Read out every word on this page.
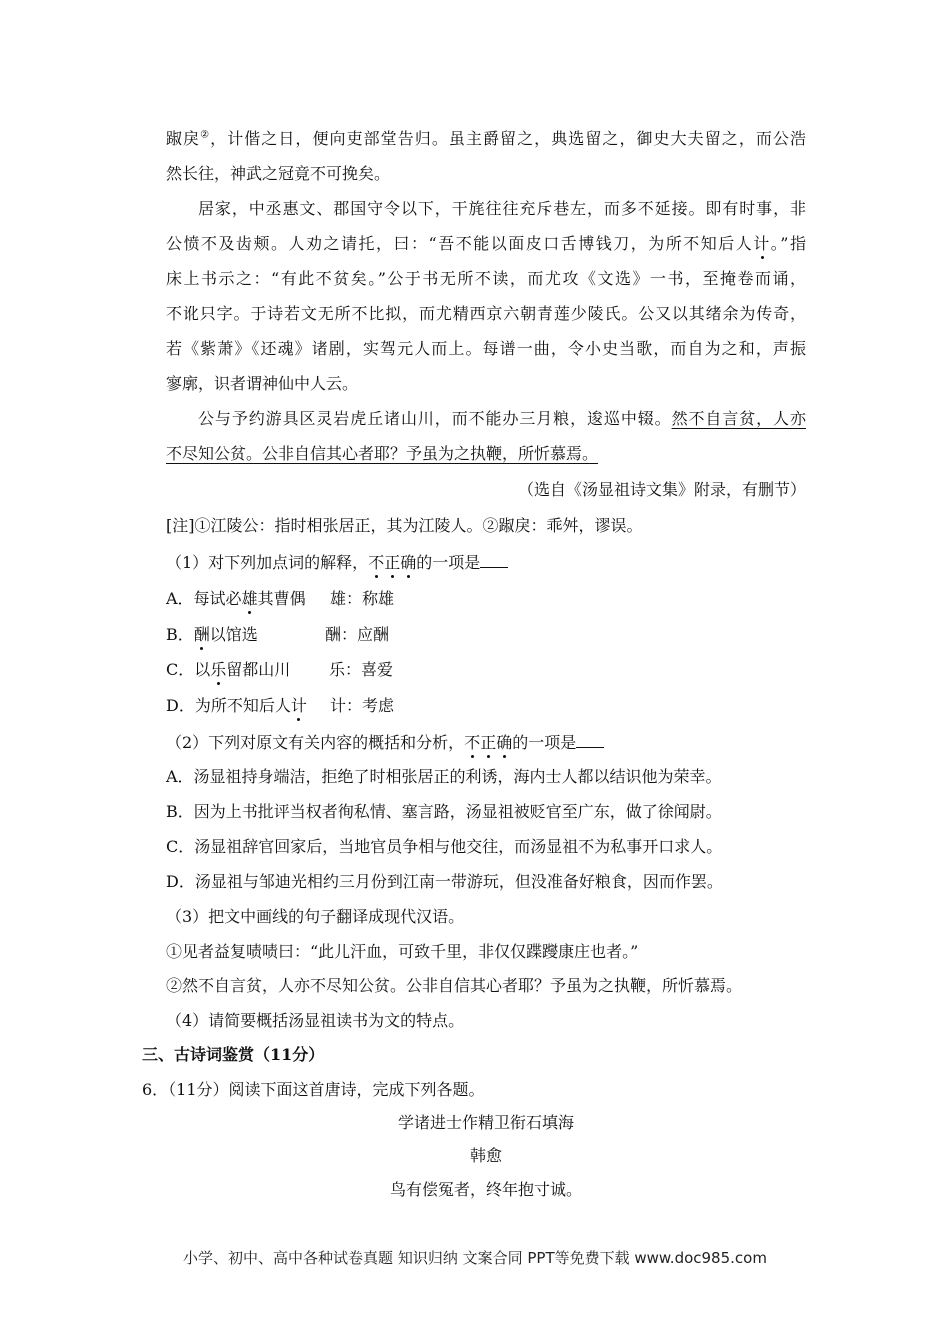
踧戾②，计偕之日，便向吏部堂告归。虽主爵留之，典选留之，御史大夫留之，而公浩
然长往，神武之冠竟不可挽矣。
居家，中丞惠文、郡国守令以下，干旄往往充斥巷左，而多不延接。即有时事，非
公愤不及齿颊。人劝之请托，曰：“吾不能以面皮口舌博钱刀，为所不知后人计。”指
床上书示之：“有此不贫矣。”公于书无所不读，而尤攻《文选》一书，至掩卷而诵，
不讹只字。于诗若文无所不比拟，而尤精西京六朝青莲少陵氏。公又以其绪余为传奇，
若《紫萧》《还魂》诸剧，实驾元人而上。每谱一曲，令小史当歌，而自为之和，声振
寥廓，识者谓神仙中人云。
公与予约游具区灵岩虎丘诸山川，而不能办三月粮，逡巡中辍。然不自言贫，人亦
不尽知公贫。公非自信其心者耶？予虽为之执鞭，所忻慕焉。
（选自《汤显祖诗文集》附录，有删节）
[注]①江陵公：指时相张居正，其为江陵人。②踧戾：乖舛，谬误。
（1）对下列加点词的解释，不正确的一项是
A．每试必雄其曹偶 雄：称雄
B．酬以馆选	酬：应酬
C．以乐留都山川 乐：喜爱
D．为所不知后人计 计：考虑
（2）下列对原文有关内容的概括和分析，不正确的一项是
A．汤显祖持身端洁，拒绝了时相张居正的利诱，海内士人都以结识他为荣幸。
B．因为上书批评当权者徇私情、塞言路，汤显祖被贬官至广东，做了徐闻尉。
C．汤显祖辞官回家后，当地官员争相与他交往，而汤显祖不为私事开口求人。
D．汤显祖与邹迪光相约三月份到江南一带游玩，但没准备好粮食，因而作罢。
（3）把文中画线的句子翻译成现代汉语。
①见者益复啧啧曰：“此儿汗血，可致千里，非仅仅蹀躞康庄也者。”
②然不自言贫，人亦不尽知公贫。公非自信其心者耶？予虽为之执鞭，所忻慕焉。
（4）请简要概括汤显祖读书为文的特点。
三、古诗词鉴赏（11分）
6．（11分）阅读下面这首唐诗，完成下列各题。
学诸进士作精卫衔石填海
韩愈
鸟有偿冤者，终年抱寸诚。
小学、初中、高中各种试卷真题 知识归纳 文案合同 PPT等免费下载 www.doc985.com
